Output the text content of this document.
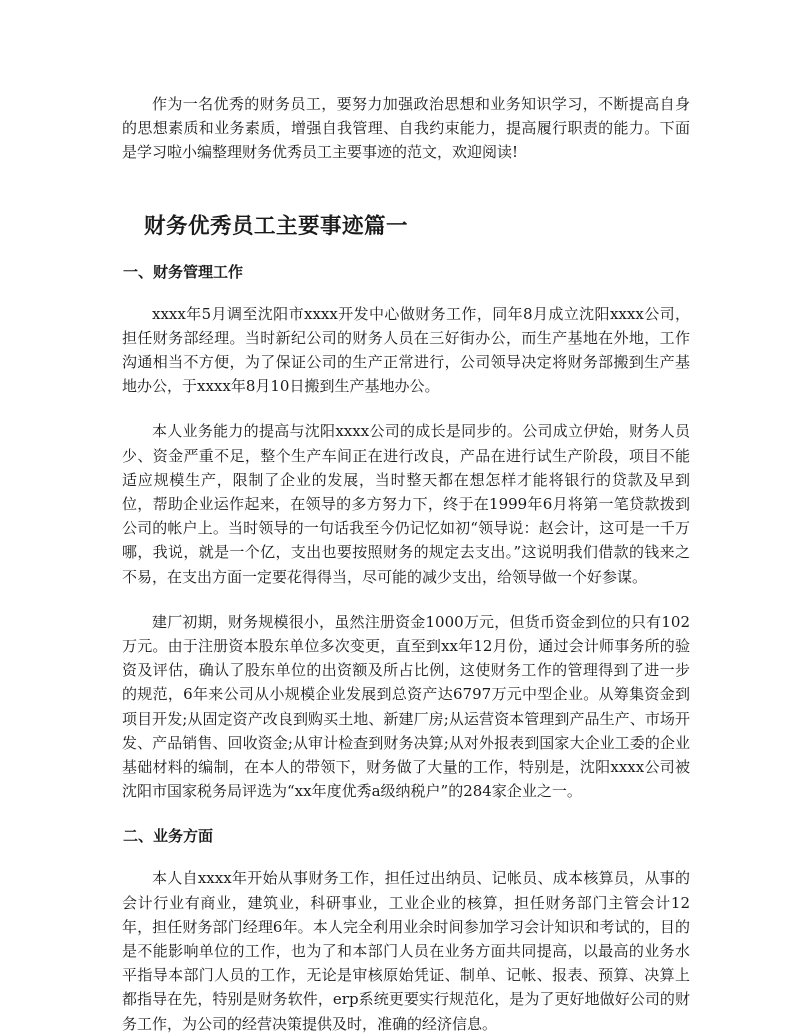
作为一名优秀的财务员工，要努力加强政治思想和业务知识学习，不断提高自身的思想素质和业务素质，增强自我管理、自我约束能力，提高履行职责的能力。下面是学习啦小编整理财务优秀员工主要事迹的范文，欢迎阅读!

财务优秀员工主要事迹篇一
一、财务管理工作

xxxx年5月调至沈阳市xxxx开发中心做财务工作，同年8月成立沈阳xxxx公司，担任财务部经理。当时新纪公司的财务人员在三好街办公，而生产基地在外地，工作沟通相当不方便，为了保证公司的生产正常进行，公司领导决定将财务部搬到生产基地办公，于xxxx年8月10日搬到生产基地办公。

本人业务能力的提高与沈阳xxxx公司的成长是同步的。公司成立伊始，财务人员少、资金严重不足，整个生产车间正在进行改良，产品在进行试生产阶段，项目不能适应规模生产，限制了企业的发展，当时整天都在想怎样才能将银行的贷款及早到位，帮助企业运作起来，在领导的多方努力下，终于在1999年6月将第一笔贷款拨到公司的帐户上。当时领导的一句话我至今仍记忆如初“领导说：赵会计，这可是一千万哪，我说，就是一个亿，支出也要按照财务的规定去支出。”这说明我们借款的钱来之不易，在支出方面一定要花得得当，尽可能的减少支出，给领导做一个好参谋。

建厂初期，财务规模很小，虽然注册资金1000万元，但货币资金到位的只有102万元。由于注册资本股东单位多次变更，直至到xx年12月份，通过会计师事务所的验资及评估，确认了股东单位的出资额及所占比例，这使财务工作的管理得到了进一步的规范，6年来公司从小规模企业发展到总资产达6797万元中型企业。从筹集资金到项目开发;从固定资产改良到购买土地、新建厂房;从运营资本管理到产品生产、市场开发、产品销售、回收资金;从审计检查到财务决算;从对外报表到国家大企业工委的企业基础材料的编制，在本人的带领下，财务做了大量的工作，特别是，沈阳xxxx公司被沈阳市国家税务局评选为“xx年度优秀a级纳税户”的284家企业之一。

二、业务方面

本人自xxxx年开始从事财务工作，担任过出纳员、记帐员、成本核算员，从事的会计行业有商业，建筑业，科研事业，工业企业的核算，担任财务部门主管会计12年，担任财务部门经理6年。本人完全利用业余时间参加学习会计知识和考试的，目的是不能影响单位的工作，也为了和本部门人员在业务方面共同提高，以最高的业务水平指导本部门人员的工作，无论是审核原始凭证、制单、记帐、报表、预算、决算上都指导在先，特别是财务软件，erp系统更要实行规范化，是为了更好地做好公司的财务工作，为公司的经营决策提供及时，准确的经济信息。
